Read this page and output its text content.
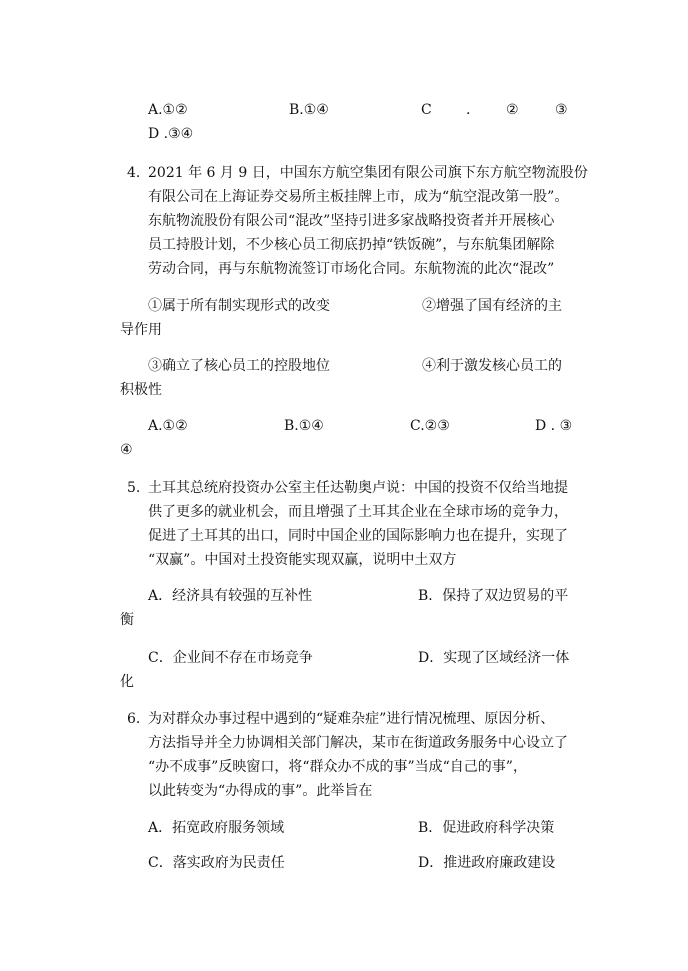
A.①②	B.①④	C .	②	③
D .③④
4. 2021 年 6 月 9 日，中国东方航空集团有限公司旗下东方航空物流股份
有限公司在上海证券交易所主板挂牌上市，成为“航空混改第一股”。
东航物流股份有限公司“混改”坚持引进多家战略投资者并开展核心
员工持股计划，不少核心员工彻底扔掉“铁饭碗”，与东航集团解除
劳动合同，再与东航物流签订市场化合同。东航物流的此次“混改”
①属于所有制实现形式的改变	②增强了国有经济的主
导作用
③确立了核心员工的控股地位	④利于激发核心员工的
积极性
A.①②	B.①④	C.②③	D . ③
④
5. 土耳其总统府投资办公室主任达勒奥卢说：中国的投资不仅给当地提
供了更多的就业机会，而且增强了土耳其企业在全球市场的竞争力，
促进了土耳其的出口，同时中国企业的国际影响力也在提升，实现了
“双赢”。中国对土投资能实现双赢，说明中土双方
A．经济具有较强的互补性	B．保持了双边贸易的平
衡
C．企业间不存在市场竞争	D．实现了区域经济一体
化
6. 为对群众办事过程中遇到的“疑难杂症”进行情况梳理、原因分析、
方法指导并全力协调相关部门解决，某市在街道政务服务中心设立了
“办不成事”反映窗口，将“群众办不成的事”当成“自己的事”，
以此转变为“办得成的事”。此举旨在
A．拓宽政府服务领域	B．促进政府科学决策
C．落实政府为民责任	D．推进政府廉政建设
